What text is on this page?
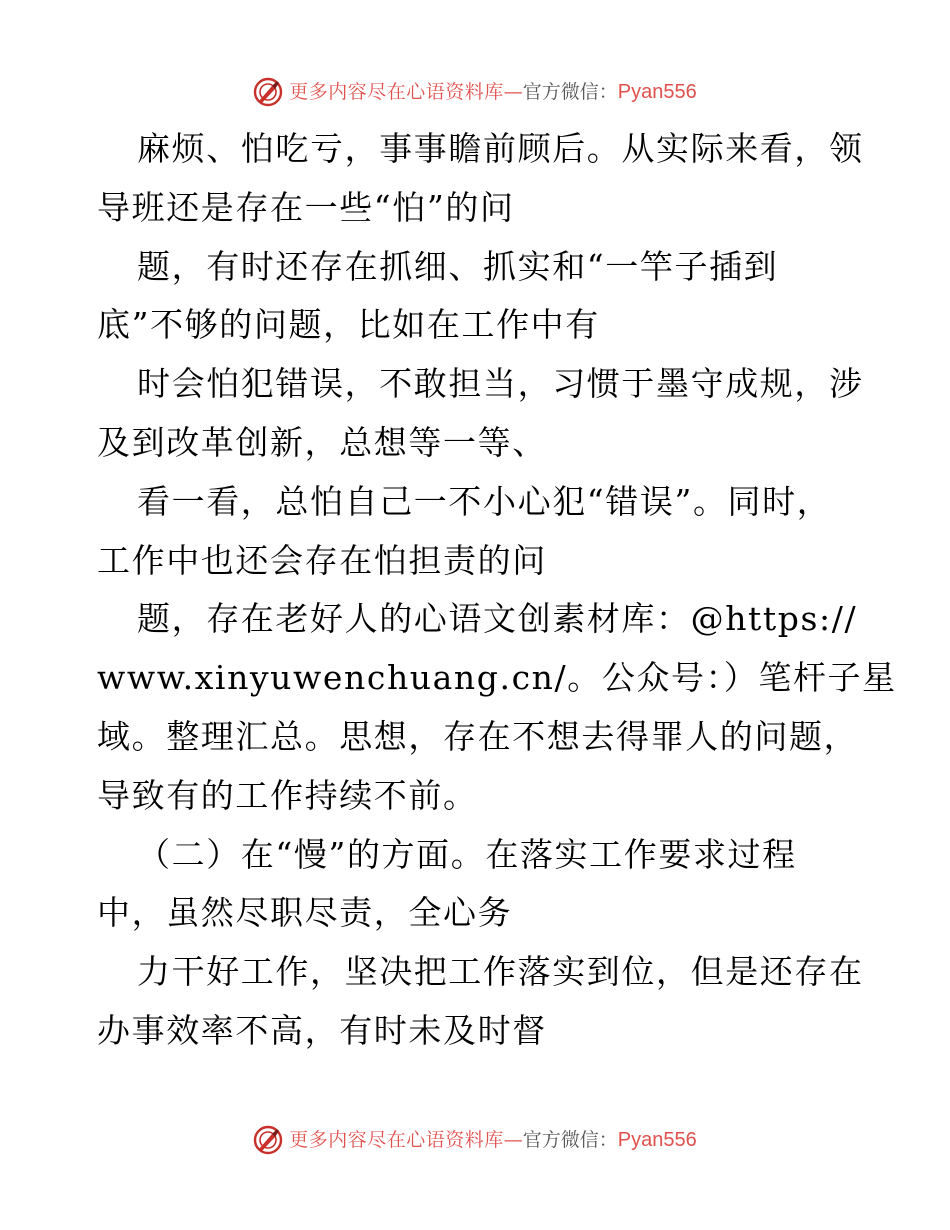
更多内容尽在心语资料库 — 官方微信： Pyan556
麻烦、怕吃亏，事事瞻前顾后。从实际来看，领
导班还是存在一些“怕”的问
题，有时还存在抓细、抓实和“一竿子插到
底”不够的问题，比如在工作中有
时会怕犯错误，不敢担当，习惯于墨守成规，涉
及到改革创新，总想等一等、
看一看，总怕自己一不小心犯“错误”。同时，
工作中也还会存在怕担责的问
题，存在老好人的心语文创素材库：@https://
www.xinyuwenchuang.cn/。公众号：）笔杆子星
域。整理汇总。思想，存在不想去得罪人的问题，
导致有的工作持续不前。
（二）在“慢”的方面。在落实工作要求过程
中，虽然尽职尽责，全心务
力干好工作，坚决把工作落实到位，但是还存在
办事效率不高，有时未及时督
更多内容尽在心语资料库 — 官方微信： Pyan556
